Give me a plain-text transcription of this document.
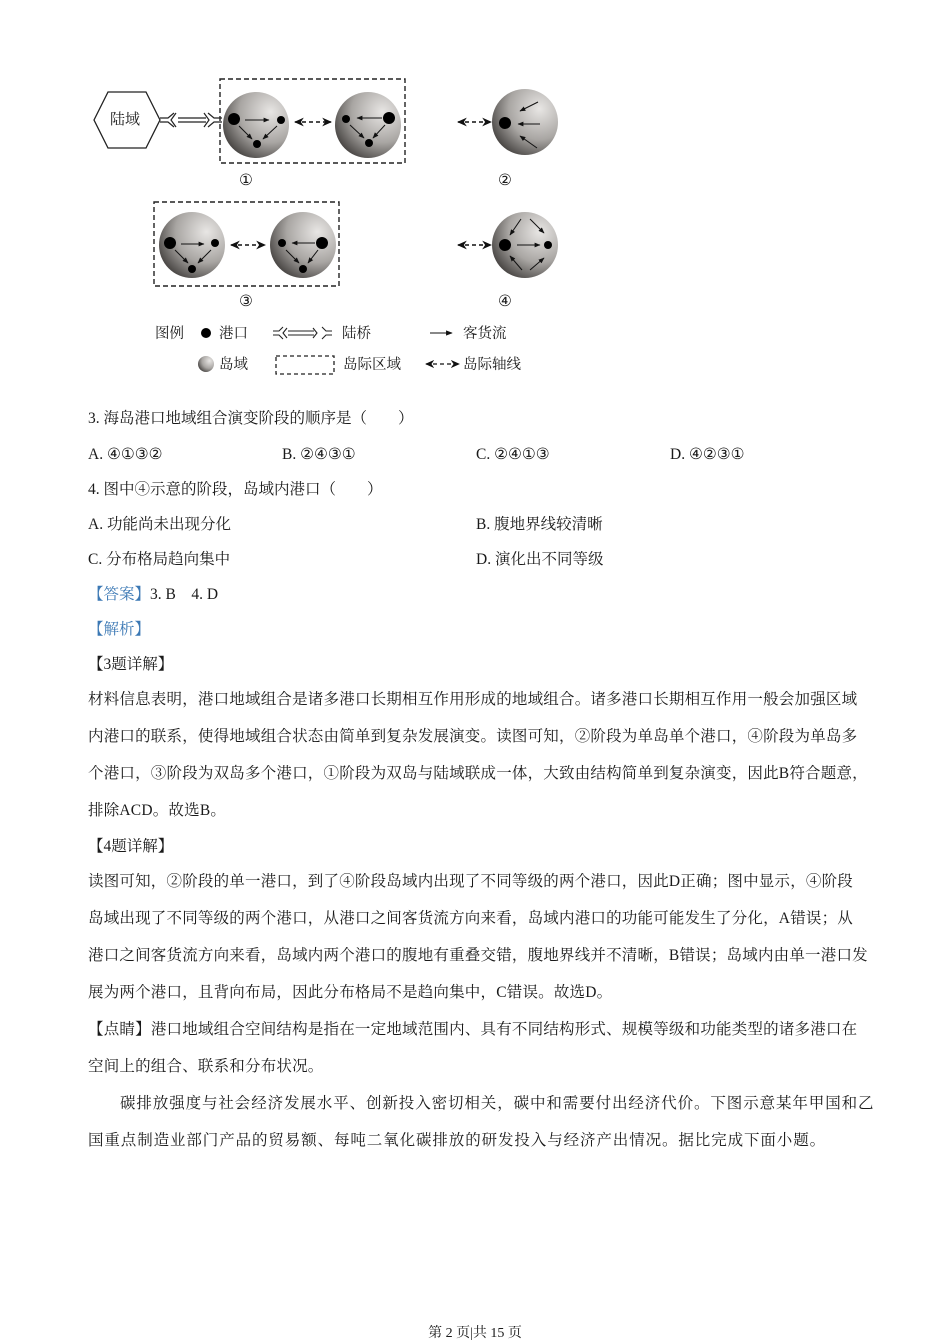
陆域
①	②
③	④
图例 港口	陆桥	客货流
岛域	岛际区域	岛际轴线
3. 海岛港口地域组合演变阶段的顺序是（　　）
A. ④①③②	B. ②④③①	C. ②④①③	D. ④②③①
4. 图中④示意的阶段，岛域内港口（　　）
A. 功能尚未出现分化	B. 腹地界线较清晰
C. 分布格局趋向集中	D. 演化出不同等级
【答案】3. B　4. D
【解析】
【3题详解】
材料信息表明，港口地域组合是诸多港口长期相互作用形成的地域组合。诸多港口长期相互作用一般会加强区域内港口的联系，使得地域组合状态由简单到复杂发展演变。读图可知，②阶段为单岛单个港口，④阶段为单岛多个港口，③阶段为双岛多个港口，①阶段为双岛与陆域联成一体，大致由结构简单到复杂演变，因此B符合题意，排除ACD。故选B。
【4题详解】
读图可知，②阶段的单一港口，到了④阶段岛域内出现了不同等级的两个港口，因此D正确；图中显示，④阶段岛域出现了不同等级的两个港口，从港口之间客货流方向来看，岛域内港口的功能可能发生了分化，A错误；从港口之间客货流方向来看，岛域内两个港口的腹地有重叠交错，腹地界线并不清晰，B错误；岛域内由单一港口发展为两个港口，且背向布局，因此分布格局不是趋向集中，C错误。故选D。
【点睛】港口地域组合空间结构是指在一定地域范围内、具有不同结构形式、规模等级和功能类型的诸多港口在空间上的组合、联系和分布状况。
碳排放强度与社会经济发展水平、创新投入密切相关，碳中和需要付出经济代价。下图示意某年甲国和乙国重点制造业部门产品的贸易额、每吨二氧化碳排放的研发投入与经济产出情况。据比完成下面小题。
第 2 页|共 15 页
